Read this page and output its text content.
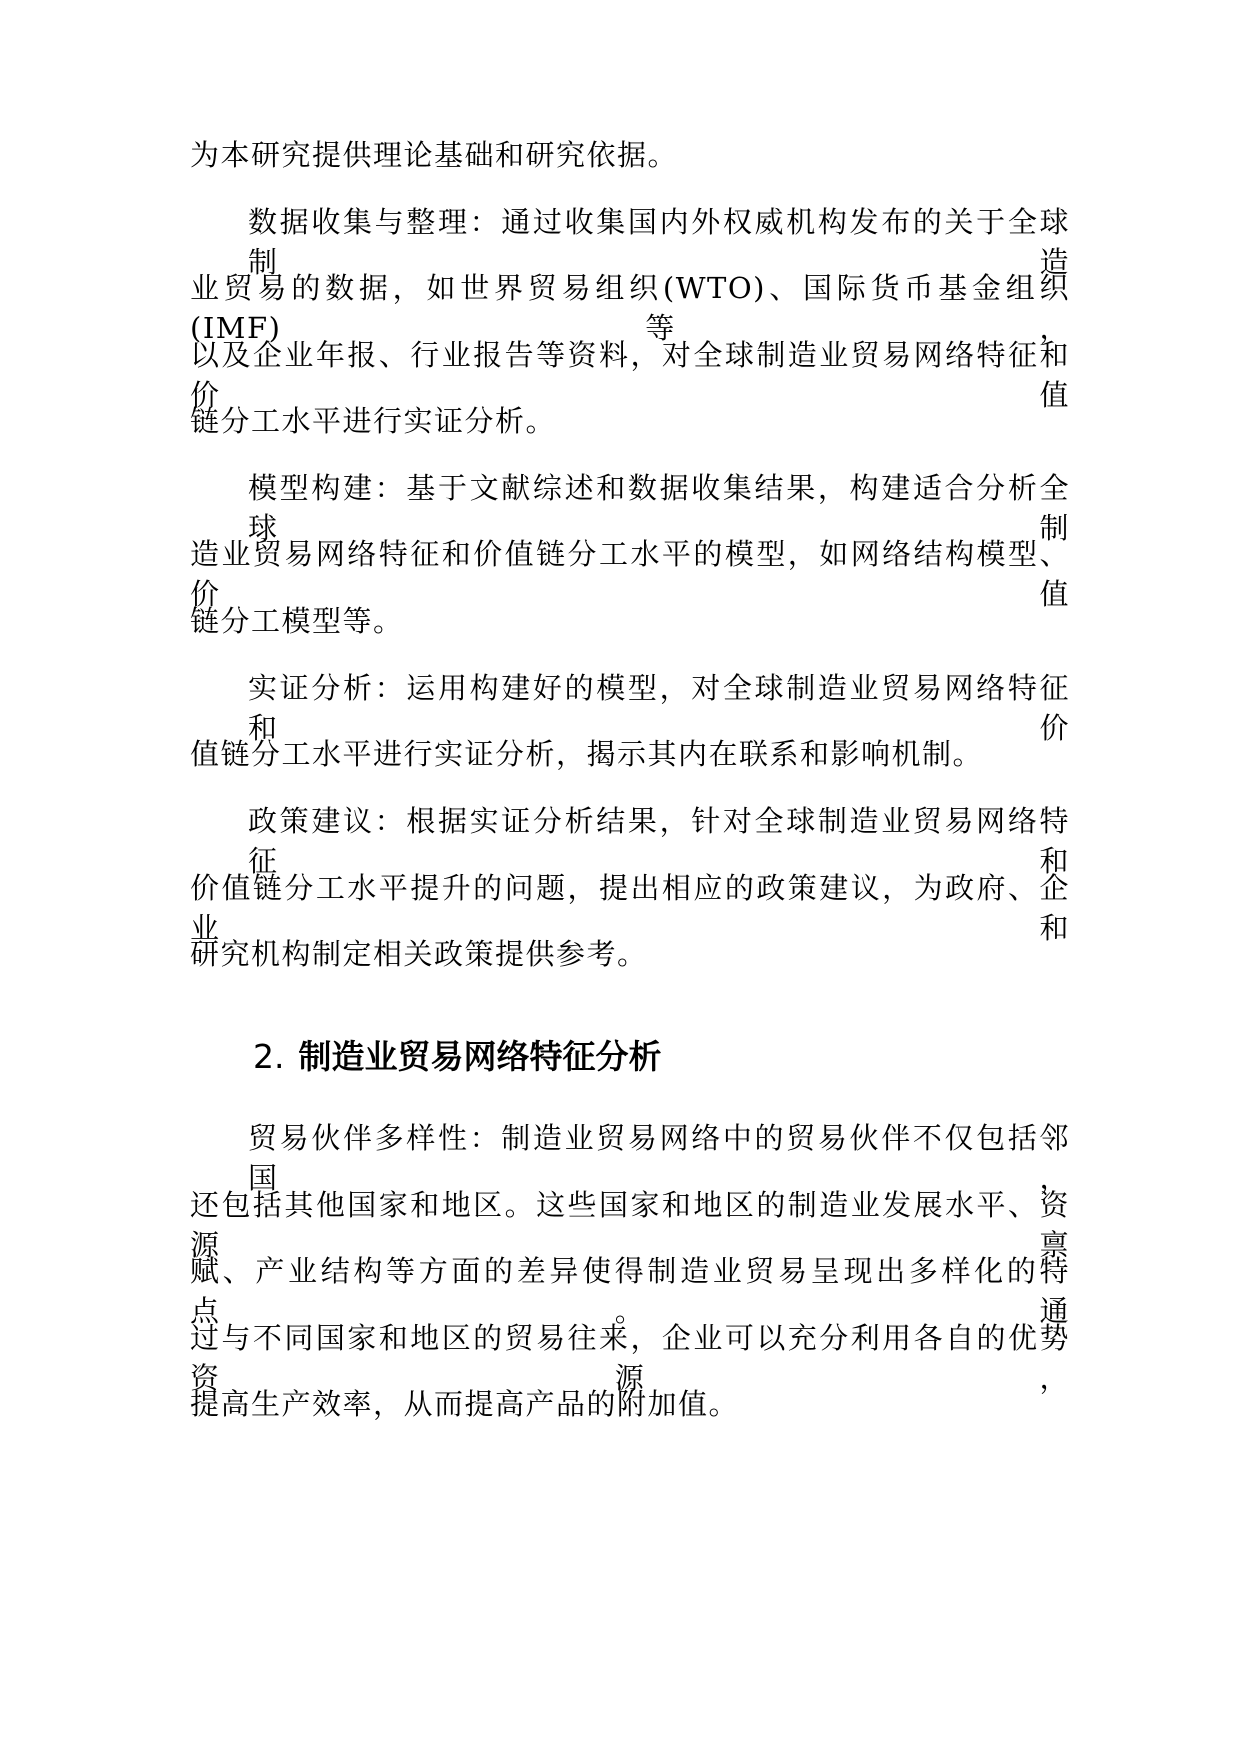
为本研究提供理论基础和研究依据。
数据收集与整理：通过收集国内外权威机构发布的关于全球制造
业贸易的数据，如世界贸易组织(WTO)、国际货币基金组织(IMF)等，
以及企业年报、行业报告等资料，对全球制造业贸易网络特征和价值
链分工水平进行实证分析。
模型构建：基于文献综述和数据收集结果，构建适合分析全球制
造业贸易网络特征和价值链分工水平的模型，如网络结构模型、价值
链分工模型等。
实证分析：运用构建好的模型，对全球制造业贸易网络特征和价
值链分工水平进行实证分析，揭示其内在联系和影响机制。
政策建议：根据实证分析结果，针对全球制造业贸易网络特征和
价值链分工水平提升的问题，提出相应的政策建议，为政府、企业和
研究机构制定相关政策提供参考。
2. 制造业贸易网络特征分析
贸易伙伴多样性：制造业贸易网络中的贸易伙伴不仅包括邻国，
还包括其他国家和地区。这些国家和地区的制造业发展水平、资源禀
赋、产业结构等方面的差异使得制造业贸易呈现出多样化的特点。通
过与不同国家和地区的贸易往来，企业可以充分利用各自的优势资源，
提高生产效率，从而提高产品的附加值。
